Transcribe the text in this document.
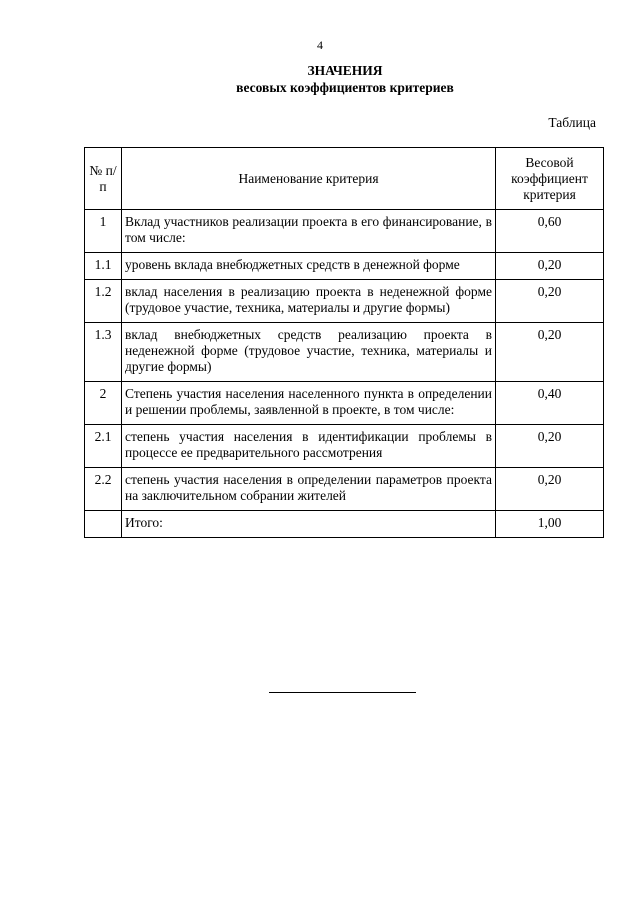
4
ЗНАЧЕНИЯ
весовых коэффициентов критериев
Таблица
№ п/п	Наименование критерия	Весовой коэффициент критерия
1	Вклад участников реализации проекта в его финансирование, в том числе:	0,60
1.1	уровень вклада внебюджетных средств в денежной форме	0,20
1.2	вклад населения в реализацию проекта в неденежной форме (трудовое участие, техника, материалы и другие формы)	0,20
1.3	вклад внебюджетных средств реализацию проекта в неденежной форме (трудовое участие, техника, материалы и другие формы)	0,20
2	Степень участия населения населенного пункта в определении и решении проблемы, заявленной в проекте, в том числе:	0,40
2.1	степень участия населения в идентификации проблемы в процессе ее предварительного рассмотрения	0,20
2.2	степень участия населения в определении параметров проекта на заключительном собрании жителей	0,20
	Итого:	1,00
